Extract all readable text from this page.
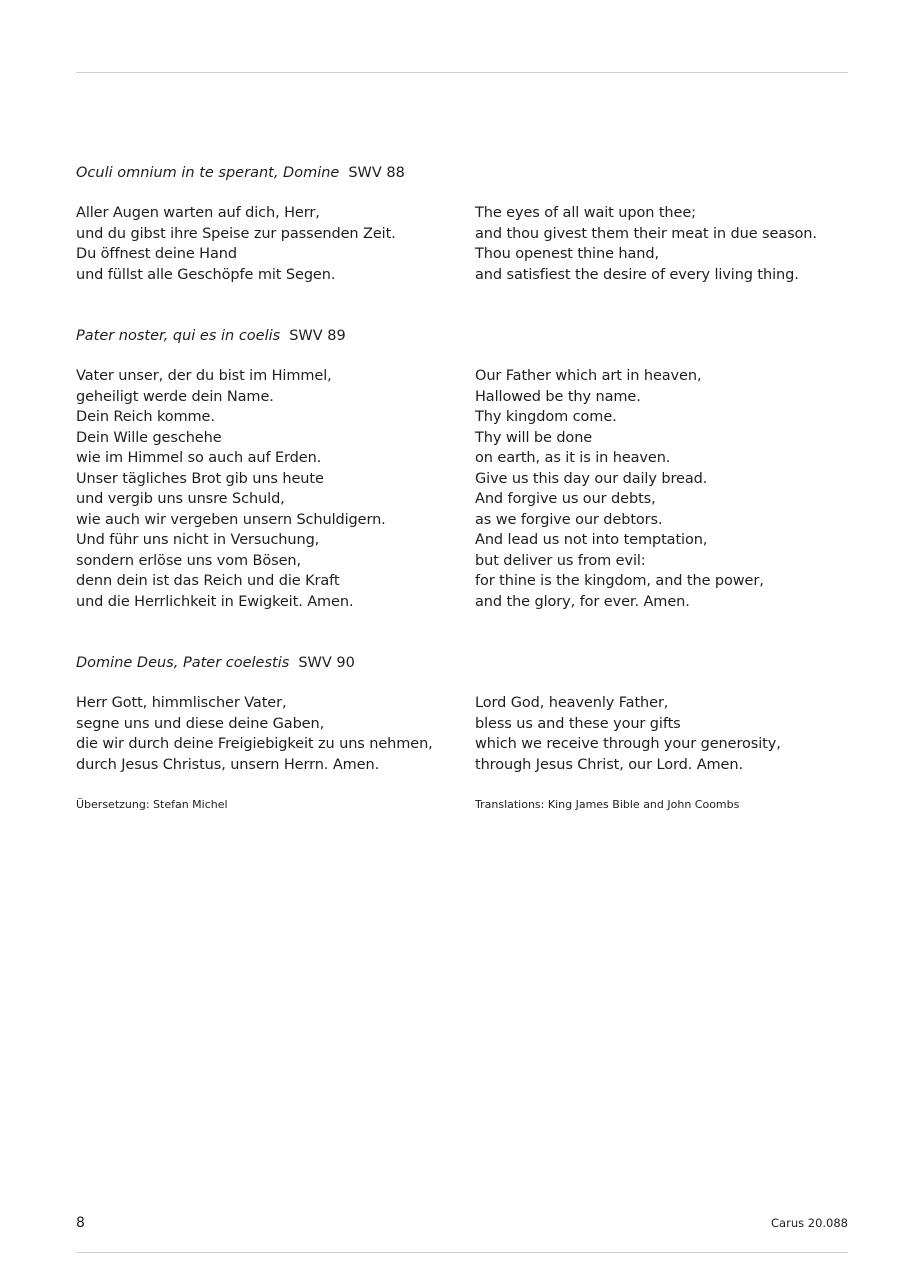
Oculi omnium in te sperant, Domine SWV 88
Aller Augen warten auf dich, Herr,
und du gibst ihre Speise zur passenden Zeit.
Du öffnest deine Hand
und füllst alle Geschöpfe mit Segen.
The eyes of all wait upon thee;
and thou givest them their meat in due season.
Thou openest thine hand,
and satisfiest the desire of every living thing.
Pater noster, qui es in coelis SWV 89
Vater unser, der du bist im Himmel,
geheiligt werde dein Name.
Dein Reich komme.
Dein Wille geschehe
wie im Himmel so auch auf Erden.
Unser tägliches Brot gib uns heute
und vergib uns unsre Schuld,
wie auch wir vergeben unsern Schuldigern.
Und führ uns nicht in Versuchung,
sondern erlöse uns vom Bösen,
denn dein ist das Reich und die Kraft
und die Herrlichkeit in Ewigkeit. Amen.
Our Father which art in heaven,
Hallowed be thy name.
Thy kingdom come.
Thy will be done
on earth, as it is in heaven.
Give us this day our daily bread.
And forgive us our debts,
as we forgive our debtors.
And lead us not into temptation,
but deliver us from evil:
for thine is the kingdom, and the power,
and the glory, for ever. Amen.
Domine Deus, Pater coelestis SWV 90
Herr Gott, himmlischer Vater,
segne uns und diese deine Gaben,
die wir durch deine Freigiebigkeit zu uns nehmen,
durch Jesus Christus, unsern Herrn. Amen.
Lord God, heavenly Father,
bless us and these your gifts
which we receive through your generosity,
through Jesus Christ, our Lord. Amen.
Übersetzung: Stefan Michel	Translations: King James Bible and John Coombs
8	Carus 20.088
